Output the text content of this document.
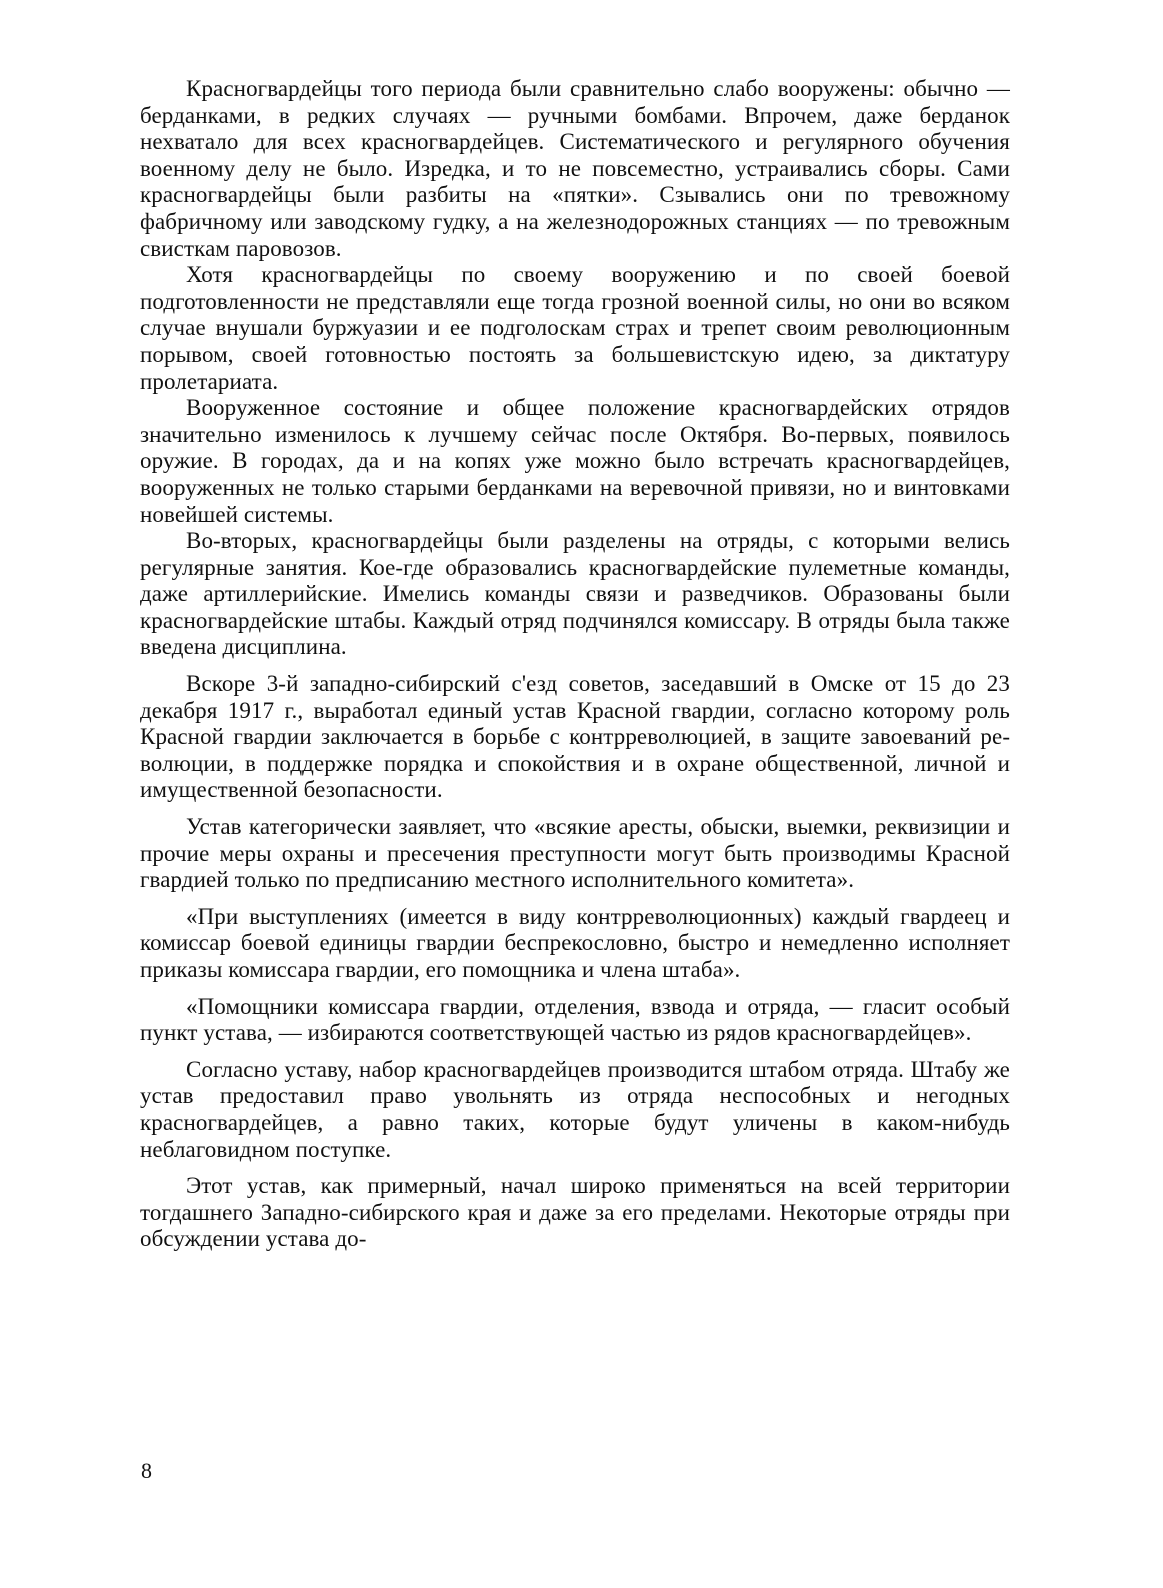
Красногвардейцы того периода были сравнительно слабо вооружены: обычно — берданками, в редких случаях — ручными бомбами. Впрочем, даже берданок нехватало для всех красногвардейцев. Систематического и регулярного обучения военному делу не было. Изредка, и то не повсеместно, устраивались сборы. Сами красногвардейцы были разбиты на «пятки». Сзывались они по тревожному фабричному или заводскому гудку, а на железнодорожных станциях — по тревожным свисткам паровозов.

Хотя красногвардейцы по своему вооружению и по своей боевой подготовленности не представляли еще тогда грозной военной силы, но они во всяком случае внушали буржуазии и ее подголоскам страх и трепет своим революционным порывом, своей готовностью постоять за большевистскую идею, за диктатуру пролетариата.

Вооруженное состояние и общее положение красногвардейских отрядов значительно изменилось к лучшему сейчас после Октября. Во-первых, появилось оружие. В городах, да и на копях уже можно было встречать красногвардейцев, вооруженных не только старыми берданками на веревочной привязи, но и винтовками новейшей системы.

Во-вторых, красногвардейцы были разделены на отряды, с которыми велись регулярные занятия. Кое-где образовались красногвардейские пулеметные команды, даже артиллерийские. Имелись команды связи и разведчиков. Образованы были красногвардейские штабы. Каждый отряд подчинялся комиссару. В отряды была также введена дисциплина.

Вскоре 3-й западно-сибирский с'езд советов, заседавший в Омске от 15 до 23 декабря 1917 г., выработал единый устав Красной гвардии, согласно которому роль Красной гвардии заключается в борьбе с контрреволюцией, в защите завоеваний революции, в поддержке порядка и спокойствия и в охране общественной, личной и имущественной безопасности.

Устав категорически заявляет, что «всякие аресты, обыски, выемки, реквизиции и прочие меры охраны и пресечения преступности могут быть производимы Красной гвардией только по предписанию местного исполнительного комитета».

«При выступлениях (имеется в виду контрреволюционных) каждый гвардеец и комиссар боевой единицы гвардии беспрекословно, быстро и немедленно исполняет приказы комиссара гвардии, его помощника и члена штаба».

«Помощники комиссара гвардии, отделения, взвода и отряда, — гласит особый пункт устава, — избираются соответствующей частью из рядов красногвардейцев».

Согласно уставу, набор красногвардейцев производится штабом отряда. Штабу же устав предоставил право увольнять из отряда неспособных и негодных красногвардейцев, а равно таких, которые будут уличены в каком-нибудь неблаговидном поступке.

Этот устав, как примерный, начал широко применяться на всей территории тогдашнего Западно-сибирского края и даже за его пределами. Некоторые отряды при обсуждении устава до-

8
